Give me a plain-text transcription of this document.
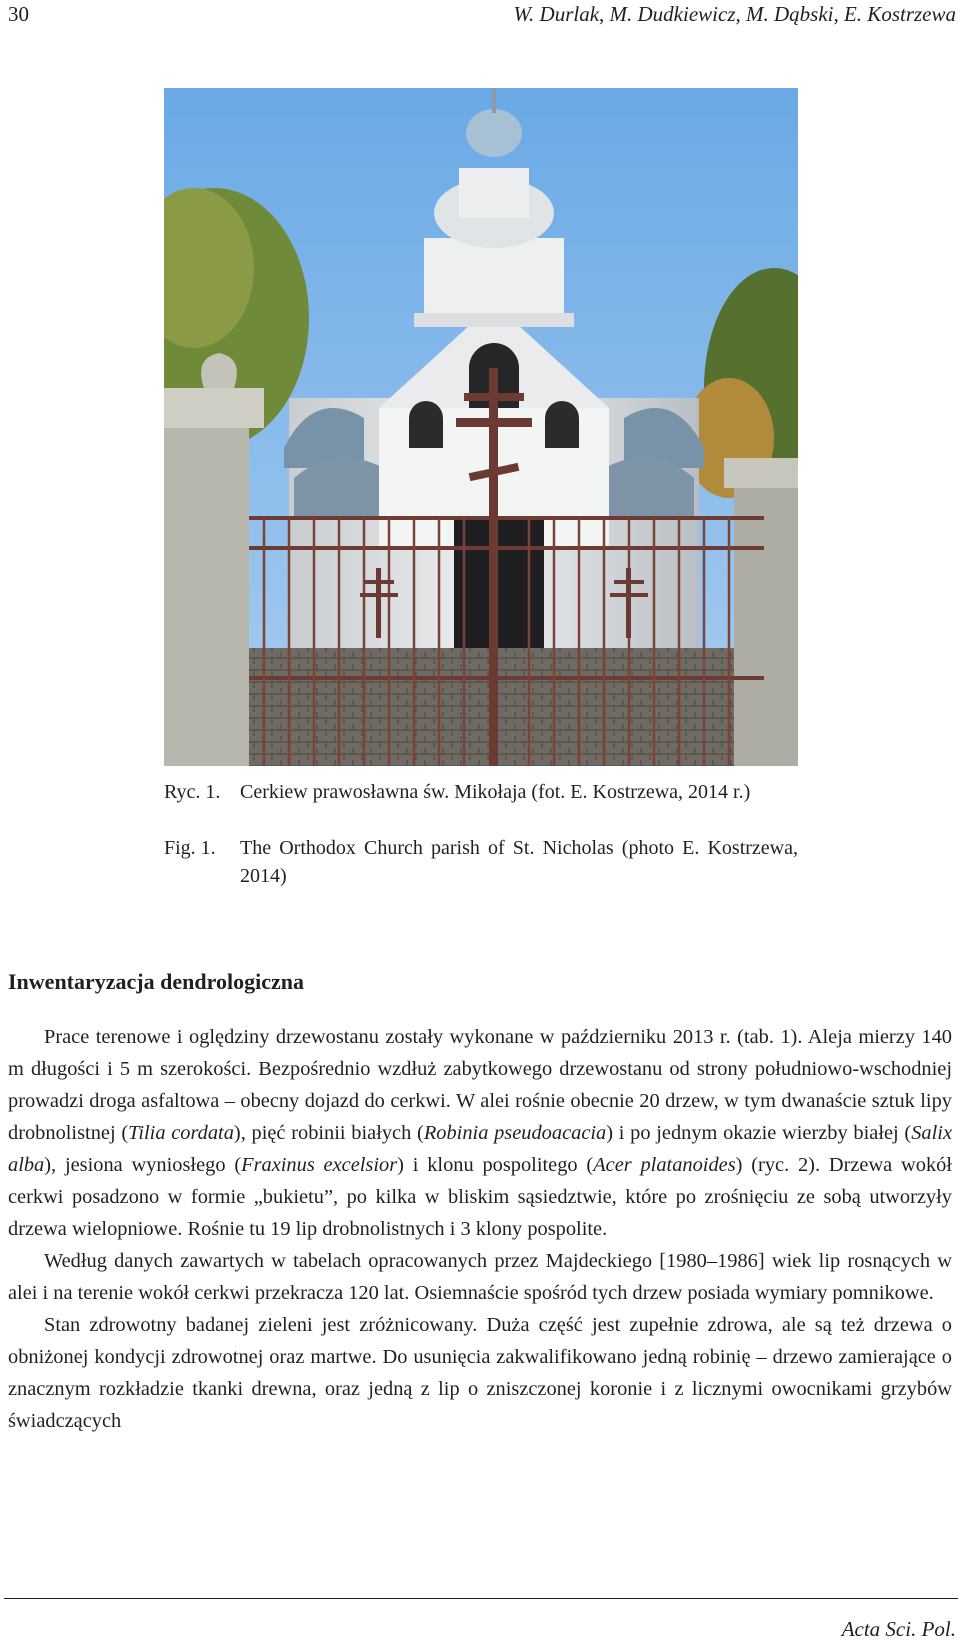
30	W. Durlak, M. Dudkiewicz, M. Dąbski, E. Kostrzewa
Ryc. 1. Cerkiew prawosławna św. Mikołaja (fot. E. Kostrzewa, 2014 r.)
Fig. 1.	The Orthodox Church parish of St. Nicholas (photo E. Kostrzewa, 2014)
Inwentaryzacja dendrologiczna

Prace terenowe i oględziny drzewostanu zostały wykonane w październiku 2013 r. (tab. 1). Aleja mierzy 140 m długości i 5 m szerokości. Bezpośrednio wzdłuż zabytkowego drzewostanu od strony południowo-wschodniej prowadzi droga asfaltowa – obecny dojazd do cerkwi. W alei rośnie obecnie 20 drzew, w tym dwanaście sztuk lipy drobnolistnej (Tilia cordata), pięć robinii białych (Robinia pseudoacacia) i po jednym okazie wierzby białej (Salix alba), jesiona wyniosłego (Fraxinus excelsior) i klonu pospolitego (Acer platanoides) (ryc. 2). Drzewa wokół cerkwi posadzono w formie „bukietu”, po kilka w bliskim sąsiedztwie, które po zrośnięciu ze sobą utworzyły drzewa wielopniowe. Rośnie tu 19 lip drobnolistnych i 3 klony pospolite.

Według danych zawartych w tabelach opracowanych przez Majdeckiego [1980–1986] wiek lip rosnących w alei i na terenie wokół cerkwi przekracza 120 lat. Osiemnaście spośród tych drzew posiada wymiary pomnikowe.

Stan zdrowotny badanej zieleni jest zróżnicowany. Duża część jest zupełnie zdrowa, ale są też drzewa o obniżonej kondycji zdrowotnej oraz martwe. Do usunięcia zakwalifikowano jedną robinię – drzewo zamierające o znacznym rozkładzie tkanki drewna, oraz jedną z lip o zniszczonej koronie i z licznymi owocnikami grzybów świadczących

Acta Sci. Pol.
